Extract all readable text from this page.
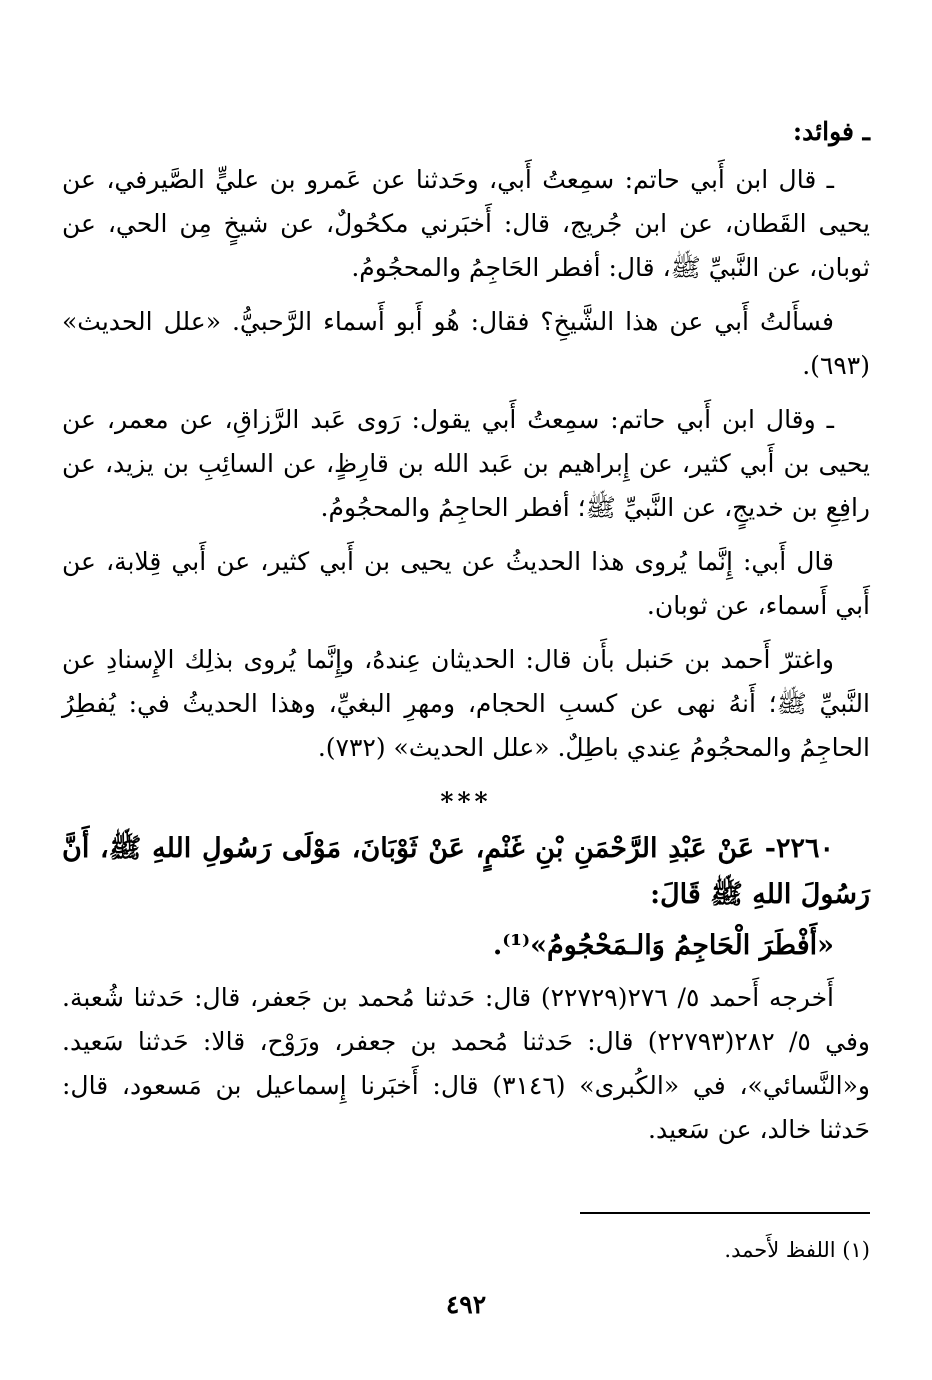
ـ فوائد:

ـ قال ابن أَبي حاتم: سمِعتُ أَبي، وحَدثنا عن عَمرو بن عليٍّ الصَّيرفي، عن يحيى القَطان، عن ابن جُريج، قال: أَخبَرني مكحُولٌ، عن شيخٍ مِن الحي، عن ثوبان، عن النَّبيِّ ﷺ، قال: أفطر الحَاجِمُ والمحجُومُ.

فسأَلتُ أَبي عن هذا الشَّيخِ؟ فقال: هُو أَبو أَسماء الرَّحبيُّ. «علل الحديث» (٦٩٣).

ـ وقال ابن أَبي حاتم: سمِعتُ أَبي يقول: رَوى عَبد الرَّزاقِ، عن معمر، عن يحيى بن أَبي كثير، عن إِبراهيم بن عَبد الله بن قارِظٍ، عن السائِبِ بن يزيد، عن رافِعِ بن خديجٍ، عن النَّبيِّ ﷺ؛ أفطر الحاجِمُ والمحجُومُ.

قال أَبي: إِنَّما يُروى هذا الحديثُ عن يحيى بن أَبي كثير، عن أَبي قِلابة، عن أَبي أَسماء، عن ثوبان.

واغترّ أَحمد بن حَنبل بأَن قال: الحديثان عِندهُ، وإِنَّما يُروى بذلِك الإِسنادِ عن النَّبيِّ ﷺ؛ أَنهُ نهى عن كسبِ الحجام، ومهرِ البغيِّ، وهذا الحديثُ في: يُفطِرُ الحاجِمُ والمحجُومُ عِندي باطِلٌ. «علل الحديث» (٧٣٢).

***

٢٢٦٠- عَنْ عَبْدِ الرَّحْمَنِ بْنِ غَنْمٍ، عَنْ ثَوْبَانَ، مَوْلَى رَسُولِ اللهِ ﷺ، أَنَّ رَسُولَ اللهِ ﷺ قَالَ:

«أَفْطَرَ الْحَاجِمُ وَالـمَحْجُومُ»⁽¹⁾.

أَخرجه أَحمد ٥/ ٢٧٦(٢٢٧٢٩) قال: حَدثنا مُحمد بن جَعفر، قال: حَدثنا شُعبة. وفي ٥/ ٢٨٢(٢٢٧٩٣) قال: حَدثنا مُحمد بن جعفر، ورَوْح، قالا: حَدثنا سَعيد. و«النَّسائي»، في «الكُبرى» (٣١٤٦) قال: أَخبَرنا إِسماعيل بن مَسعود، قال: حَدثنا خالد، عن سَعيد.

(١) اللفظ لأَحمد.
٤٩٢
